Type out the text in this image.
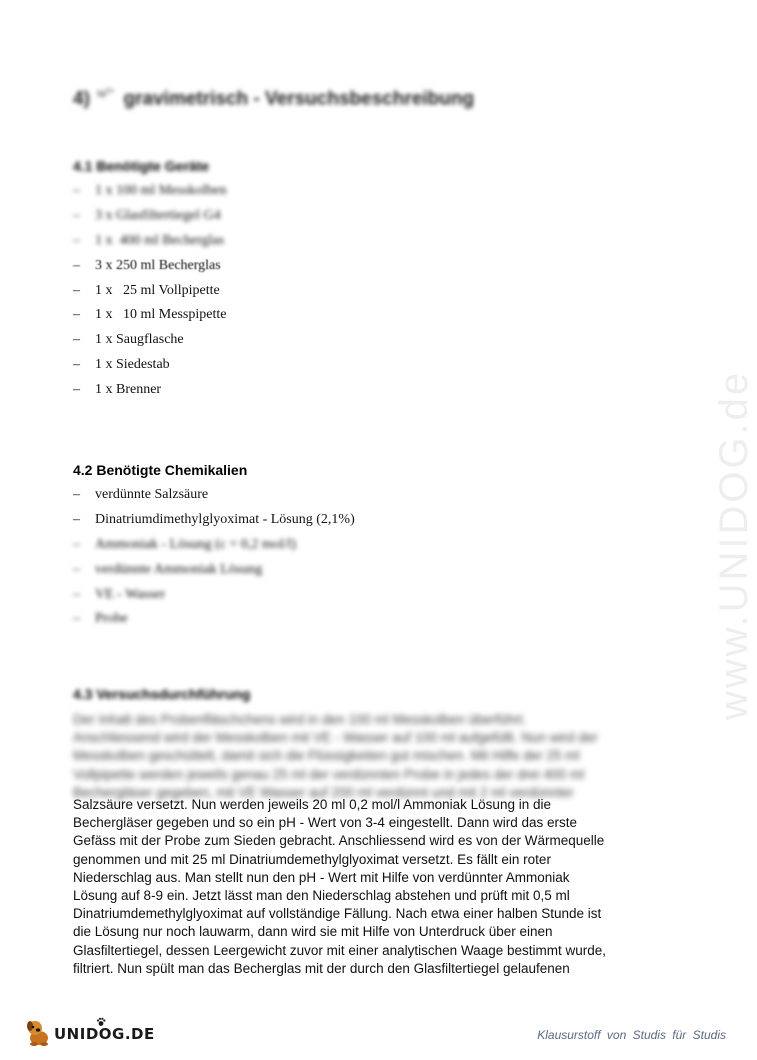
4) $^{Ni^{2+}}$ gravimetrisch - Versuchsbeschreibung
4.1 Benötigte Geräte
– 1 x 100 ml Messkolben
– 3 x Glasfiltertiegel G4
– 1 x  400 ml Becherglas
– 3 x 250 ml Becherglas
– 1 x   25 ml Vollpipette
– 1 x   10 ml Messpipette
– 1 x Saugflasche
– 1 x Siedestab
– 1 x Brenner
4.2 Benötigte Chemikalien
– verdünnte Salzsäure
– Dinatriumdimethylglyoximat - Lösung (2,1%)
– Ammoniak - Lösung (c = 0,2 mol/l)
– verdünnte Ammoniak Lösung
– VE - Wasser
– Probe
4.3 Versuchsdurchführung
Der Inhalt des Probenfläschchens wird in den 100 ml Messkolben überführt.
Anschliessend wird der Messkolben mit VE - Wasser auf 100 ml aufgefüllt. Nun wird der
Messkolben geschüttelt, damit sich die Flüssigkeiten gut mischen. Mit Hilfe der 25 ml
Vollpipette werden jeweils genau 25 ml der verdünnten Probe in jedes der drei 400 ml
Bechergläser gegeben, mit VE Wasser auf 200 ml verdünnt und mit 2 ml verdünnter
Salzsäure versetzt. Nun werden jeweils 20 ml 0,2 mol/l Ammoniak Lösung in die
Bechergläser gegeben und so ein pH - Wert von 3-4 eingestellt. Dann wird das erste
Gefäss mit der Probe zum Sieden gebracht. Anschliessend wird es von der Wärmequelle
genommen und mit 25 ml Dinatriumdemethylglyoximat versetzt. Es fällt ein roter
Niederschlag aus. Man stellt nun den pH - Wert mit Hilfe von verdünnter Ammoniak
Lösung auf 8-9 ein. Jetzt lässt man den Niederschlag abstehen und prüft mit 0,5 ml
Dinatriumdemethylglyoximat auf vollständige Fällung. Nach etwa einer halben Stunde ist
die Lösung nur noch lauwarm, dann wird sie mit Hilfe von Unterdruck über einen
Glasfiltertiegel, dessen Leergewicht zuvor mit einer analytischen Waage bestimmt wurde,
filtriert. Nun spült man das Becherglas mit der durch den Glasfiltertiegel gelaufenen
www.UNIDOG.de
UNIDOG.DE	Klausurstoff von Studis für Studis
